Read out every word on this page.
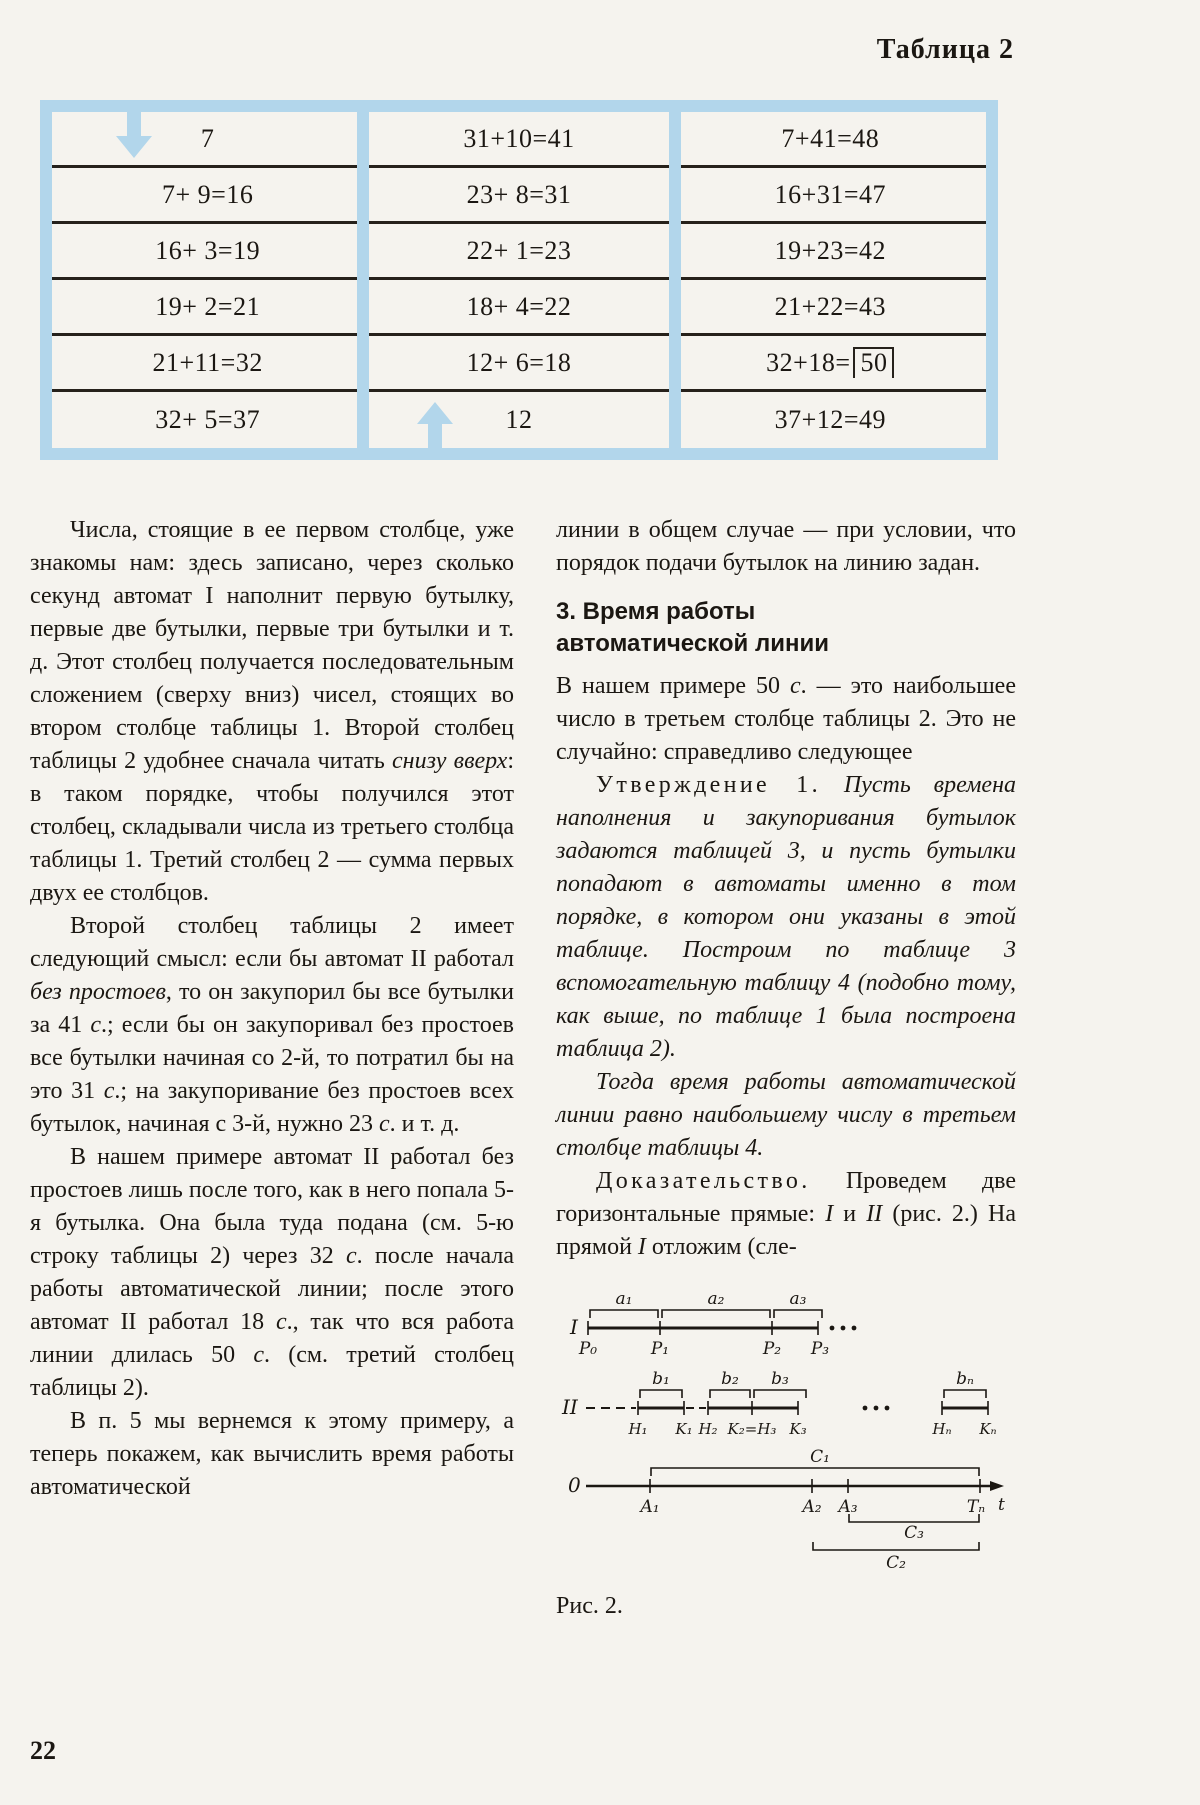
Таблица 2
7	31+10=41	7+41=48
7+ 9=16	23+ 8=31	16+31=47
16+ 3=19	22+ 1=23	19+23=42
19+ 2=21	18+ 4=22	21+22=43
21+11=32	12+ 6=18	32+18= 50
32+ 5=37	12	37+12=49

Числа, стоящие в ее первом столбце, уже знакомы нам: здесь записано, через сколько секунд автомат I наполнит первую бутылку, первые две бутылки, первые три бутылки и т. д. Этот столбец получается последовательным сложением (сверху вниз) чисел, стоящих во втором столбце таблицы 1. Второй столбец таблицы 2 удобнее сначала читать снизу вверх: в таком порядке, чтобы получился этот столбец, складывали числа из третьего столбца таблицы 1. Третий столбец 2 — сумма первых двух ее столбцов.

Второй столбец таблицы 2 имеет следующий смысл: если бы автомат II работал без простоев, то он закупорил бы все бутылки за 41 с.; если бы он закупоривал без простоев все бутылки начиная со 2-й, то потратил бы на это 31 с.; на закупоривание без простоев всех бутылок, начиная с 3-й, нужно 23 с. и т. д.

В нашем примере автомат II работал без простоев лишь после того, как в него попала 5-я бутылка. Она была туда подана (см. 5-ю строку таблицы 2) через 32 с. после начала работы автоматической линии; после этого автомат II работал 18 с., так что вся работа линии длилась 50 с. (см. третий столбец таблицы 2).

В п. 5 мы вернемся к этому примеру, а теперь покажем, как вычислить время работы автоматической

линии в общем случае — при условии, что порядок подачи бутылок на линию задан.

3. Время работы
автоматической линии

В нашем примере 50 с. — это наибольшее число в третьем столбце таблицы 2. Это не случайно: справедливо следующее

Утверждение 1. Пусть времена наполнения и закупоривания бутылок задаются таблицей 3, и пусть бутылки попадают в автоматы именно в том порядке, в котором они указаны в этой таблице. Построим по таблице 3 вспомогательную таблицу 4 (подобно тому, как выше, по таблице 1 была построена таблица 2).

Тогда время работы автоматической линии равно наибольшему числу в третьем столбце таблицы 4.

Доказательство. Проведем две горизонтальные прямые: I и II (рис. 2.) На прямой I отложим (сле-

I
a₁	a₂	a₃
P₀	P₁	P₂ P₃
II
b₁	b₂ b₃	bₙ
H₁ K₁ H₂ K₂=H₃ K₃	Hₙ Kₙ
0
t
A₁	A₂ A₃	Tₙ
C₁
C₃
C₂

Рис. 2.

22
